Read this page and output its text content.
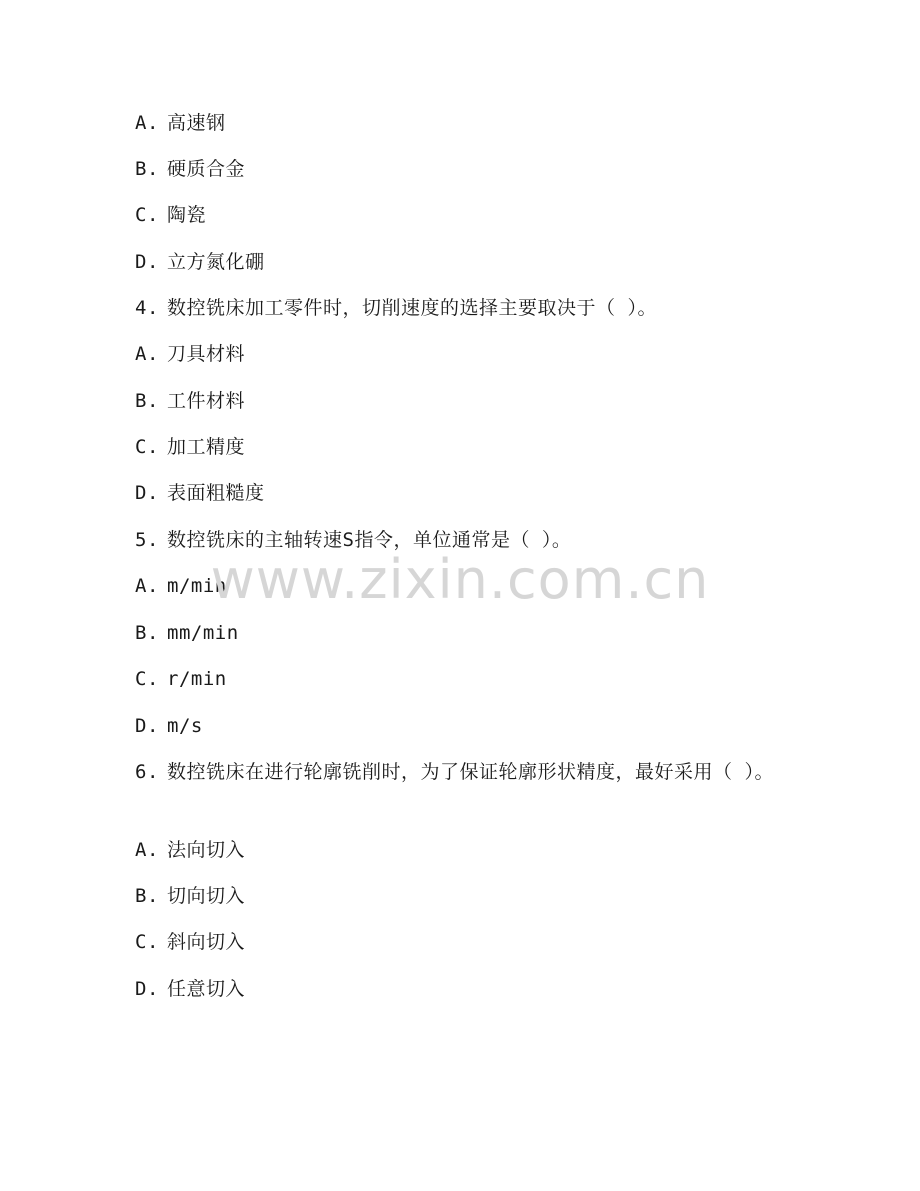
A. 高速钢
B. 硬质合金
C. 陶瓷
D. 立方氮化硼
4. 数控铣床加工零件时，切削速度的选择主要取决于（ ）。
A. 刀具材料
B. 工件材料
C. 加工精度
D. 表面粗糙度
5. 数控铣床的主轴转速S指令，单位通常是（ ）。
A. m/min
B. mm/min
C. r/min
D. m/s
6. 数控铣床在进行轮廓铣削时，为了保证轮廓形状精度，最好采用（ ）。
A. 法向切入
B. 切向切入
C. 斜向切入
D. 任意切入
www.zixin.com.cn
